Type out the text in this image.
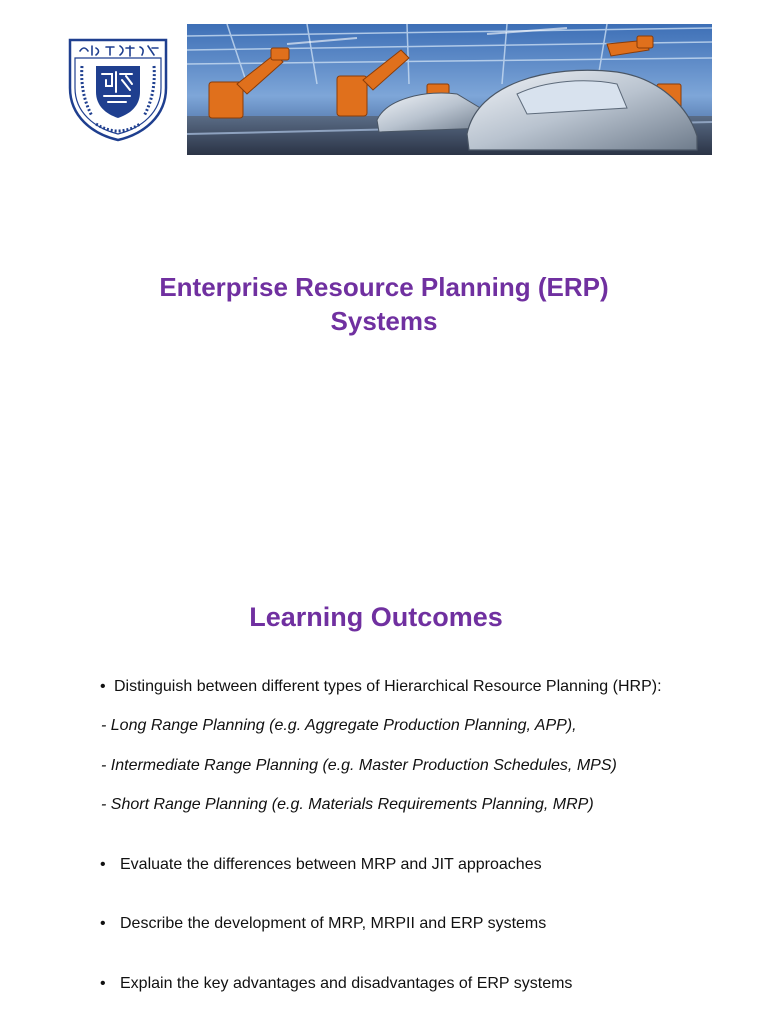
Enterprise Resource Planning (ERP)
Systems
Learning Outcomes
• Distinguish between different types of Hierarchical Resource Planning (HRP):
- Long Range Planning (e.g. Aggregate Production Planning, APP),
- Intermediate Range Planning (e.g. Master Production Schedules, MPS)
- Short Range Planning (e.g. Materials Requirements Planning, MRP)
• Evaluate the differences between MRP and JIT approaches
• Describe the development of MRP, MRPII and ERP systems
• Explain the key advantages and disadvantages of ERP systems
